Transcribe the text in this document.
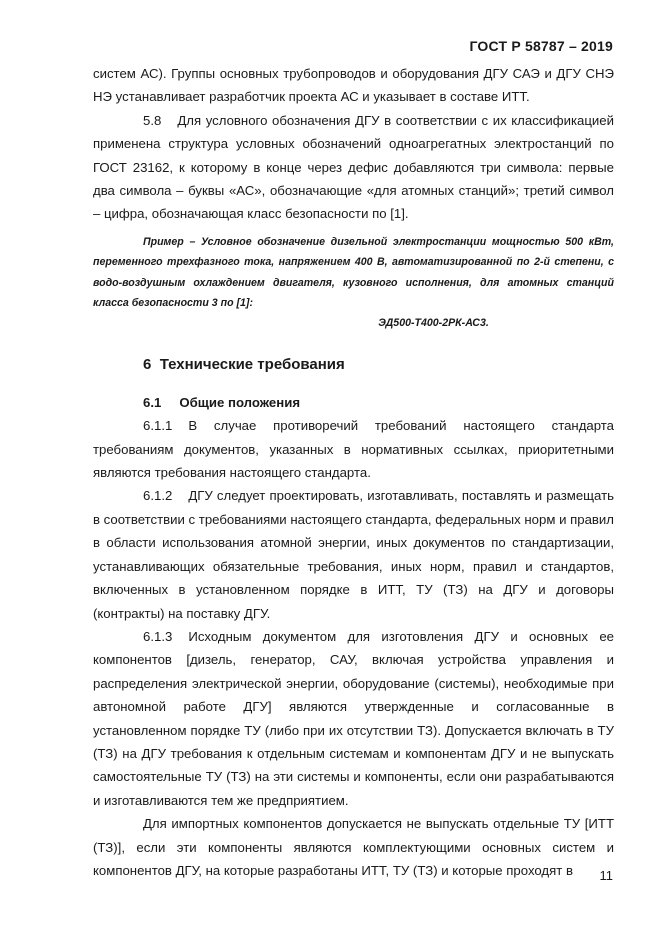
ГОСТ Р 58787 – 2019

систем АС). Группы основных трубопроводов и оборудования ДГУ САЭ и ДГУ СНЭ НЭ устанавливает разработчик проекта АС и указывает в составе ИТТ.

5.8 Для условного обозначения ДГУ в соответствии с их классификацией применена структура условных обозначений одноагрегатных электростанций по ГОСТ 23162, к которому в конце через дефис добавляются три символа: первые два символа – буквы «АС», обозначающие «для атомных станций»; третий символ – цифра, обозначающая класс безопасности по [1].

Пример – Условное обозначение дизельной электростанции мощностью 500 кВт, переменного трехфазного тока, напряжением 400 В, автоматизированной по 2-й степени, с водо-воздушным охлаждением двигателя, кузовного исполнения, для атомных станций класса безопасности 3 по [1]:

ЭД500-Т400-2РК-АС3.

6 Технические требования

6.1 Общие положения

6.1.1 В случае противоречий требований настоящего стандарта требованиям документов, указанных в нормативных ссылках, приоритетными являются требования настоящего стандарта.

6.1.2 ДГУ следует проектировать, изготавливать, поставлять и размещать в соответствии с требованиями настоящего стандарта, федеральных норм и правил в области использования атомной энергии, иных документов по стандартизации, устанавливающих обязательные требования, иных норм, правил и стандартов, включенных в установленном порядке в ИТТ, ТУ (ТЗ) на ДГУ и договоры (контракты) на поставку ДГУ.

6.1.3 Исходным документом для изготовления ДГУ и основных ее компонентов [дизель, генератор, САУ, включая устройства управления и распределения электрической энергии, оборудование (системы), необходимые при автономной работе ДГУ] являются утвержденные и согласованные в установленном порядке ТУ (либо при их отсутствии ТЗ). Допускается включать в ТУ (ТЗ) на ДГУ требования к отдельным системам и компонентам ДГУ и не выпускать самостоятельные ТУ (ТЗ) на эти системы и компоненты, если они разрабатываются и изготавливаются тем же предприятием.

Для импортных компонентов допускается не выпускать отдельные ТУ [ИТТ (ТЗ)], если эти компоненты являются комплектующими основных систем и компонентов ДГУ, на которые разработаны ИТТ, ТУ (ТЗ) и которые проходят в	11
